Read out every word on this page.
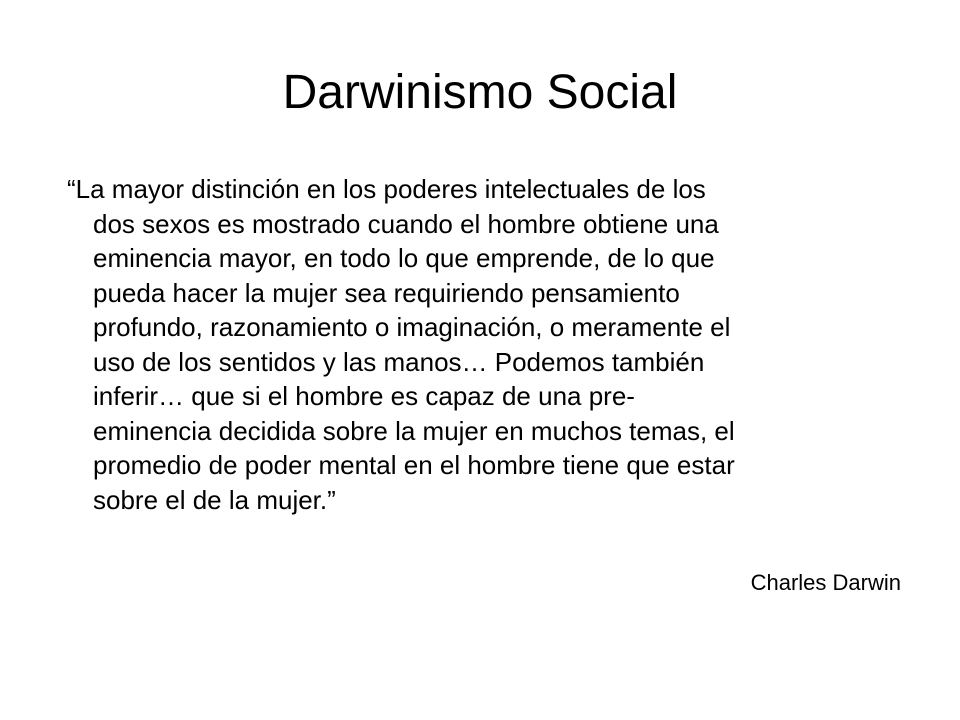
Darwinismo Social

“La mayor distinción en los poderes intelectuales de los
dos sexos es mostrado cuando el hombre obtiene una
eminencia mayor, en todo lo que emprende, de lo que
pueda hacer la mujer sea requiriendo pensamiento
profundo, razonamiento o imaginación, o meramente el
uso de los sentidos y las manos… Podemos también
inferir… que si el hombre es capaz de una pre-
eminencia decidida sobre la mujer en muchos temas, el
promedio de poder mental en el hombre tiene que estar
sobre el de la mujer.”

Charles Darwin
